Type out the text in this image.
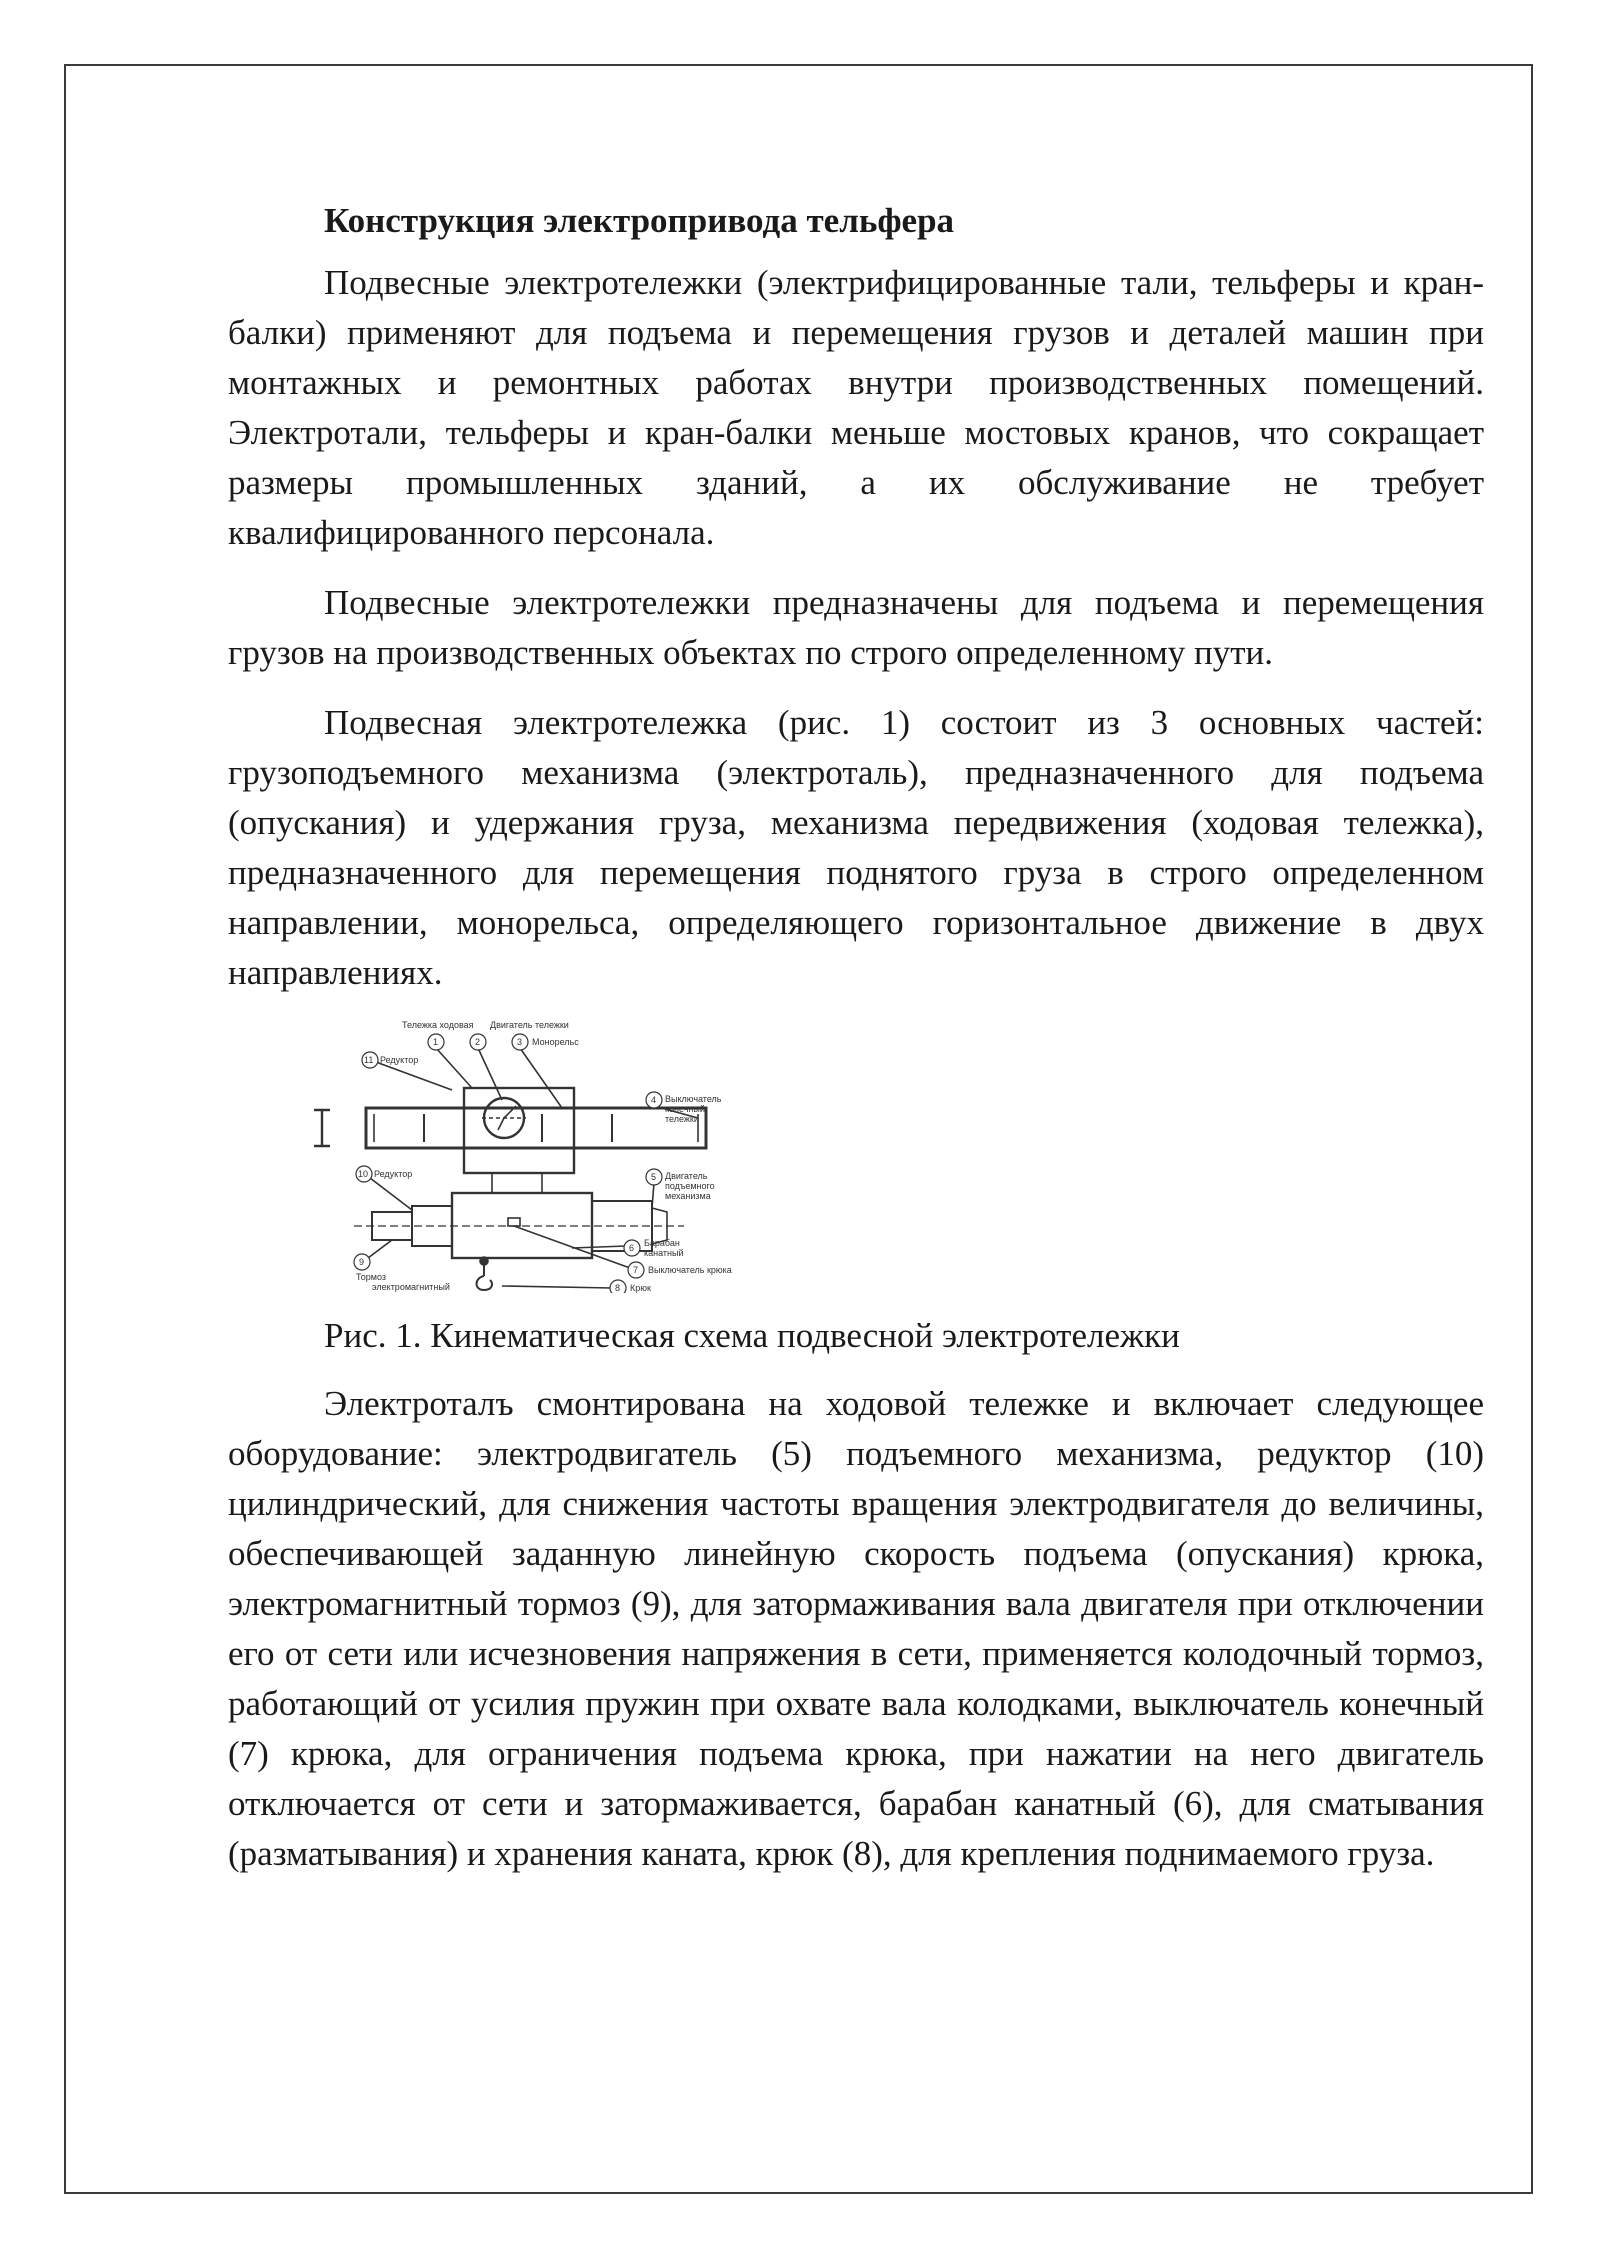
Конструкция электропривода тельфера

Подвесные электротележки (электрифицированные тали, тельферы и кран-балки) применяют для подъема и перемещения грузов и деталей машин при монтажных и ремонтных работах внутри производственных помещений. Электротали, тельферы и кран-балки меньше мостовых кранов, что сокращает размеры промышленных зданий, а их обслуживание не требует квалифицированного персонала.

Подвесные электротележки предназначены для подъема и перемещения грузов на производственных объектах по строго определенному пути.

Подвесная электротележка (рис. 1) состоит из 3 основных частей: грузоподъемного механизма (электроталь), предназначенного для подъема (опускания) и удержания груза, механизма передвижения (ходовая тележка), предназначенного для перемещения поднятого груза в строго определенном направлении, монорельса, определяющего горизонтальное движение в двух направлениях.

1	2	3
11
4
10	5
9
6
7
8
Тележка ходовая Двигатель тележки
Монорельс
Редуктор
Выключатель
конечный
тележки
Редуктор	Двигатель
подъемного
механизма
Тормоз
электромагнитный
Барабан
канатный
Выключатель крюка
Крюк

Рис. 1. Кинематическая схема подвесной электротележки

Электроталъ смонтирована на ходовой тележке и включает следующее оборудование: электродвигатель (5) подъемного механизма, редуктор (10) цилиндрический, для снижения частоты вращения электродвигателя до величины, обеспечивающей заданную линейную скорость подъема (опускания) крюка, электромагнитный тормоз (9), для затормаживания вала двигателя при отключении его от сети или исчезновения напряжения в сети, применяется колодочный тормоз, работающий от усилия пружин при охвате вала колодками, выключатель конечный (7) крюка, для ограничения подъема крюка, при нажатии на него двигатель отключается от сети и затормаживается, барабан канатный (6), для сматывания (разматывания) и хранения каната, крюк (8), для крепления поднимаемого груза.
